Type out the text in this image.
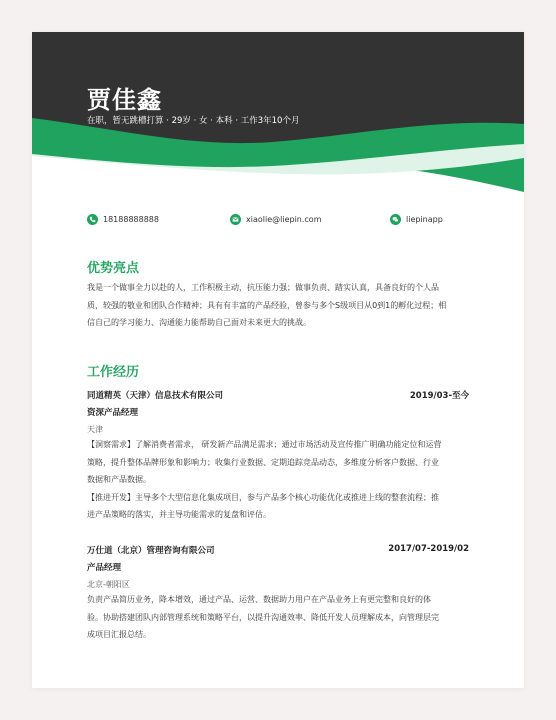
贾佳鑫
在职，暂无跳槽打算 · 29岁 · 女 · 本科 · 工作3年10个月
18188888888	xiaolie@liepin.com	liepinapp
优势亮点

我是一个做事全力以赴的人，工作积极主动，抗压能力强；做事负责、踏实认真，具备良好的个人品
质，较强的敬业和团队合作精神；具有有丰富的产品经验，曾参与多个S级项目从0到1的孵化过程；相
信自己的学习能力、沟通能力能帮助自己面对未来更大的挑战。

工作经历
同道精英（天津）信息技术有限公司	2019/03-至今
资深产品经理
天津

【洞察需求】了解消费者需求， 研发新产品满足需求；通过市场活动及宣传推广明确功能定位和运营
策略，提升整体品牌形象和影响力；收集行业数据、定期追踪竞品动态，多维度分析客户数据、行业
数据和产品数据。
【推进开发】主导多个大型信息化集成项目，参与产品多个核心功能优化或推进上线的整套流程；推
进产品策略的落实，并主导功能需求的复盘和评估。

万仕道（北京）管理咨询有限公司	2017/07-2019/02
产品经理
北京-朝阳区

负责产品简历业务，降本增效，通过产品、运营、数据助力用户在产品业务上有更完整和良好的体
验。协助搭建团队内部管理系统和策略平台，以提升沟通效率、降低开发人员理解成本，向管理层完
成项目汇报总结。
